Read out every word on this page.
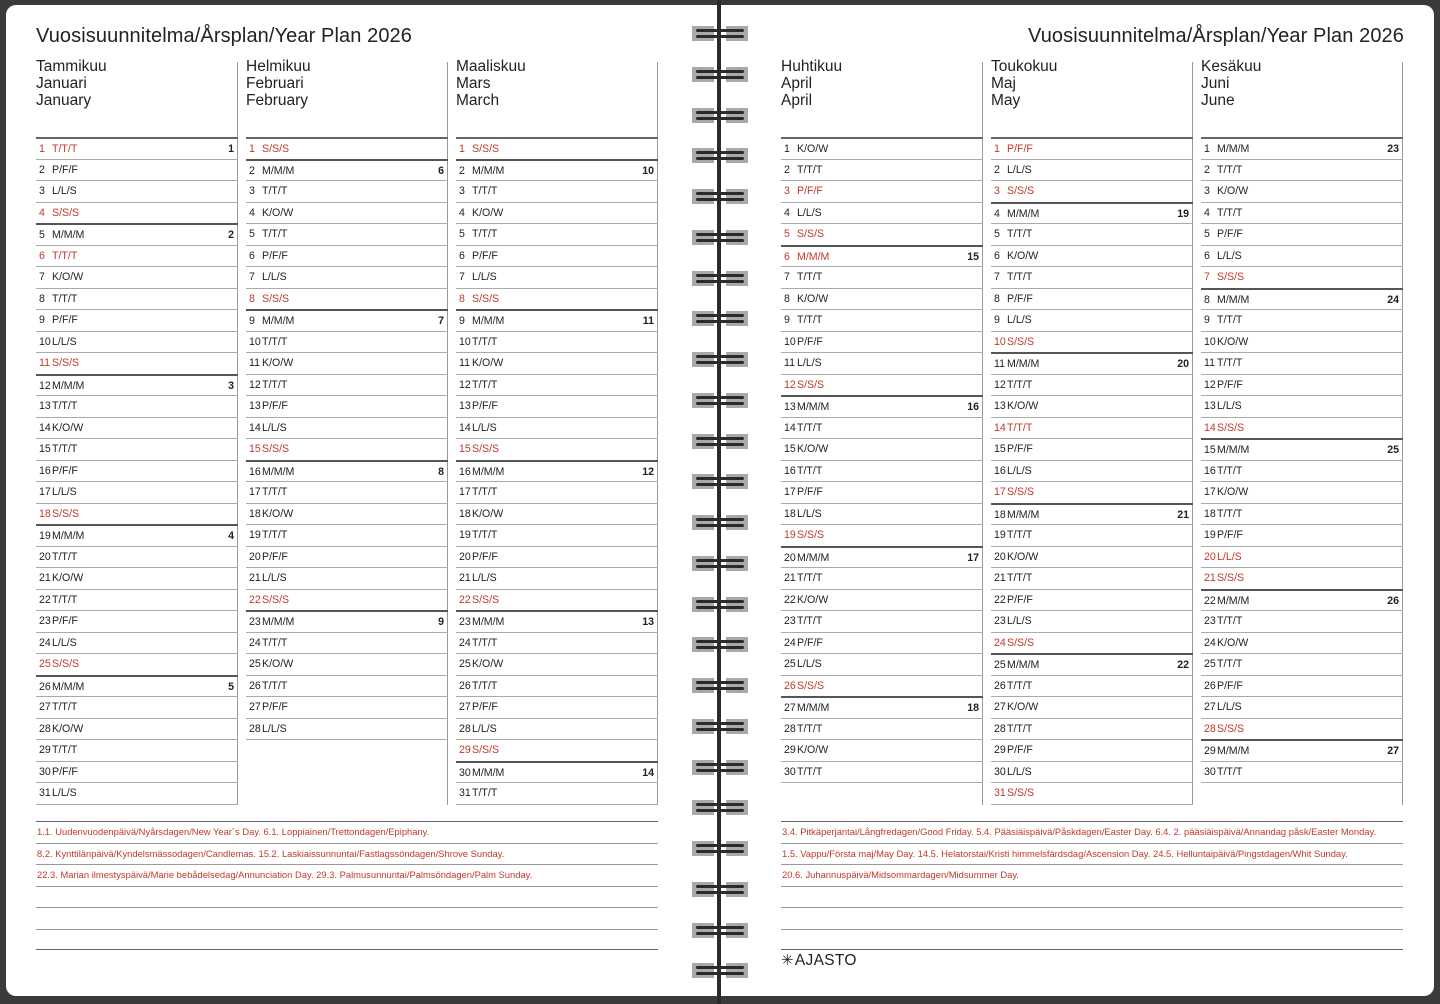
Vuosisuunnitelma/Årsplan/Year Plan 2026
Tammikuu
Januari
January
1 T/T/T	1
2 P/F/F
3 L/L/S
4 S/S/S
5 M/M/M	2
6 T/T/T
7 K/O/W
8 T/T/T
9 P/F/F
10L/L/S
11 S/S/S
12M/M/M	3
13T/T/T
14K/O/W
15T/T/T
16P/F/F
17L/L/S
18S/S/S
19M/M/M	4
20T/T/T
21K/O/W
22T/T/T
23P/F/F
24L/L/S
25S/S/S
26M/M/M	5
27T/T/T
28K/O/W
29T/T/T
30P/F/F
31L/L/S
Helmikuu
Februari
February
1 S/S/S
2 M/M/M	6
3 T/T/T
4 K/O/W
5 T/T/T
6 P/F/F
7 L/L/S
8 S/S/S
9 M/M/M	7
10T/T/T
11 K/O/W
12T/T/T
13P/F/F
14L/L/S
15S/S/S
16M/M/M	8
17T/T/T
18K/O/W
19T/T/T
20P/F/F
21L/L/S
22S/S/S
23M/M/M	9
24T/T/T
25K/O/W
26T/T/T
27P/F/F
28L/L/S
Maaliskuu
Mars
March
1 S/S/S
2 M/M/M	10
3 T/T/T
4 K/O/W
5 T/T/T
6 P/F/F
7 L/L/S
8 S/S/S
9 M/M/M	11
10T/T/T
11 K/O/W
12T/T/T
13P/F/F
14L/L/S
15S/S/S
16M/M/M	12
17T/T/T
18K/O/W
19T/T/T
20P/F/F
21L/L/S
22S/S/S
23M/M/M	13
24T/T/T
25K/O/W
26T/T/T
27P/F/F
28L/L/S
29S/S/S
30M/M/M	14
31T/T/T
1.1. Uudenvuodenpäivä/Nyårsdagen/New Year´s Day. 6.1. Loppiainen/Trettondagen/Epiphany.
8.2. Kynttilänpäivä/Kyndelsmässodagen/Candlemas. 15.2. Laskiaissunnuntai/Fastlagssöndagen/Shrove Sunday.
22.3. Marian ilmestyspäivä/Marie bebådelsedag/Annunciation Day. 29.3. Palmusunnuntai/Palmsöndagen/Palm Sunday.
Vuosisuunnitelma/Årsplan/Year Plan 2026
Huhtikuu
April
April
1 K/O/W
2 T/T/T
3 P/F/F
4 L/L/S
5 S/S/S
6 M/M/M	15
7 T/T/T
8 K/O/W
9 T/T/T
10P/F/F
11 L/L/S
12S/S/S
13M/M/M	16
14T/T/T
15K/O/W
16T/T/T
17P/F/F
18L/L/S
19S/S/S
20M/M/M	17
21T/T/T
22K/O/W
23T/T/T
24P/F/F
25L/L/S
26S/S/S
27M/M/M	18
28T/T/T
29K/O/W
30T/T/T
Toukokuu
Maj
May
1 P/F/F
2 L/L/S
3 S/S/S
4 M/M/M	19
5 T/T/T
6 K/O/W
7 T/T/T
8 P/F/F
9 L/L/S
10S/S/S
11 M/M/M	20
12T/T/T
13K/O/W
14T/T/T
15P/F/F
16L/L/S
17S/S/S
18M/M/M	21
19T/T/T
20K/O/W
21T/T/T
22P/F/F
23L/L/S
24S/S/S
25M/M/M	22
26T/T/T
27K/O/W
28T/T/T
29P/F/F
30L/L/S
31S/S/S
Kesäkuu
Juni
June
1 M/M/M	23
2 T/T/T
3 K/O/W
4 T/T/T
5 P/F/F
6 L/L/S
7 S/S/S
8 M/M/M	24
9 T/T/T
10K/O/W
11 T/T/T
12P/F/F
13L/L/S
14S/S/S
15M/M/M	25
16T/T/T
17K/O/W
18T/T/T
19P/F/F
20L/L/S
21S/S/S
22M/M/M	26
23T/T/T
24K/O/W
25T/T/T
26P/F/F
27L/L/S
28S/S/S
29M/M/M	27
30T/T/T
3.4. Pitkäperjantai/Långfredagen/Good Friday. 5.4. Pääsiäispäivä/Påskdagen/Easter Day. 6.4. 2. pääsiäispäivä/Annandag påsk/Easter Monday.
1.5. Vappu/Första maj/May Day. 14.5. Helatorstai/Kristi himmelsfärdsdag/Ascension Day. 24.5. Helluntaipäivä/Pingstdagen/Whit Sunday.
20.6. Juhannuspäivä/Midsommardagen/Midsummer Day.
✳AJASTO
